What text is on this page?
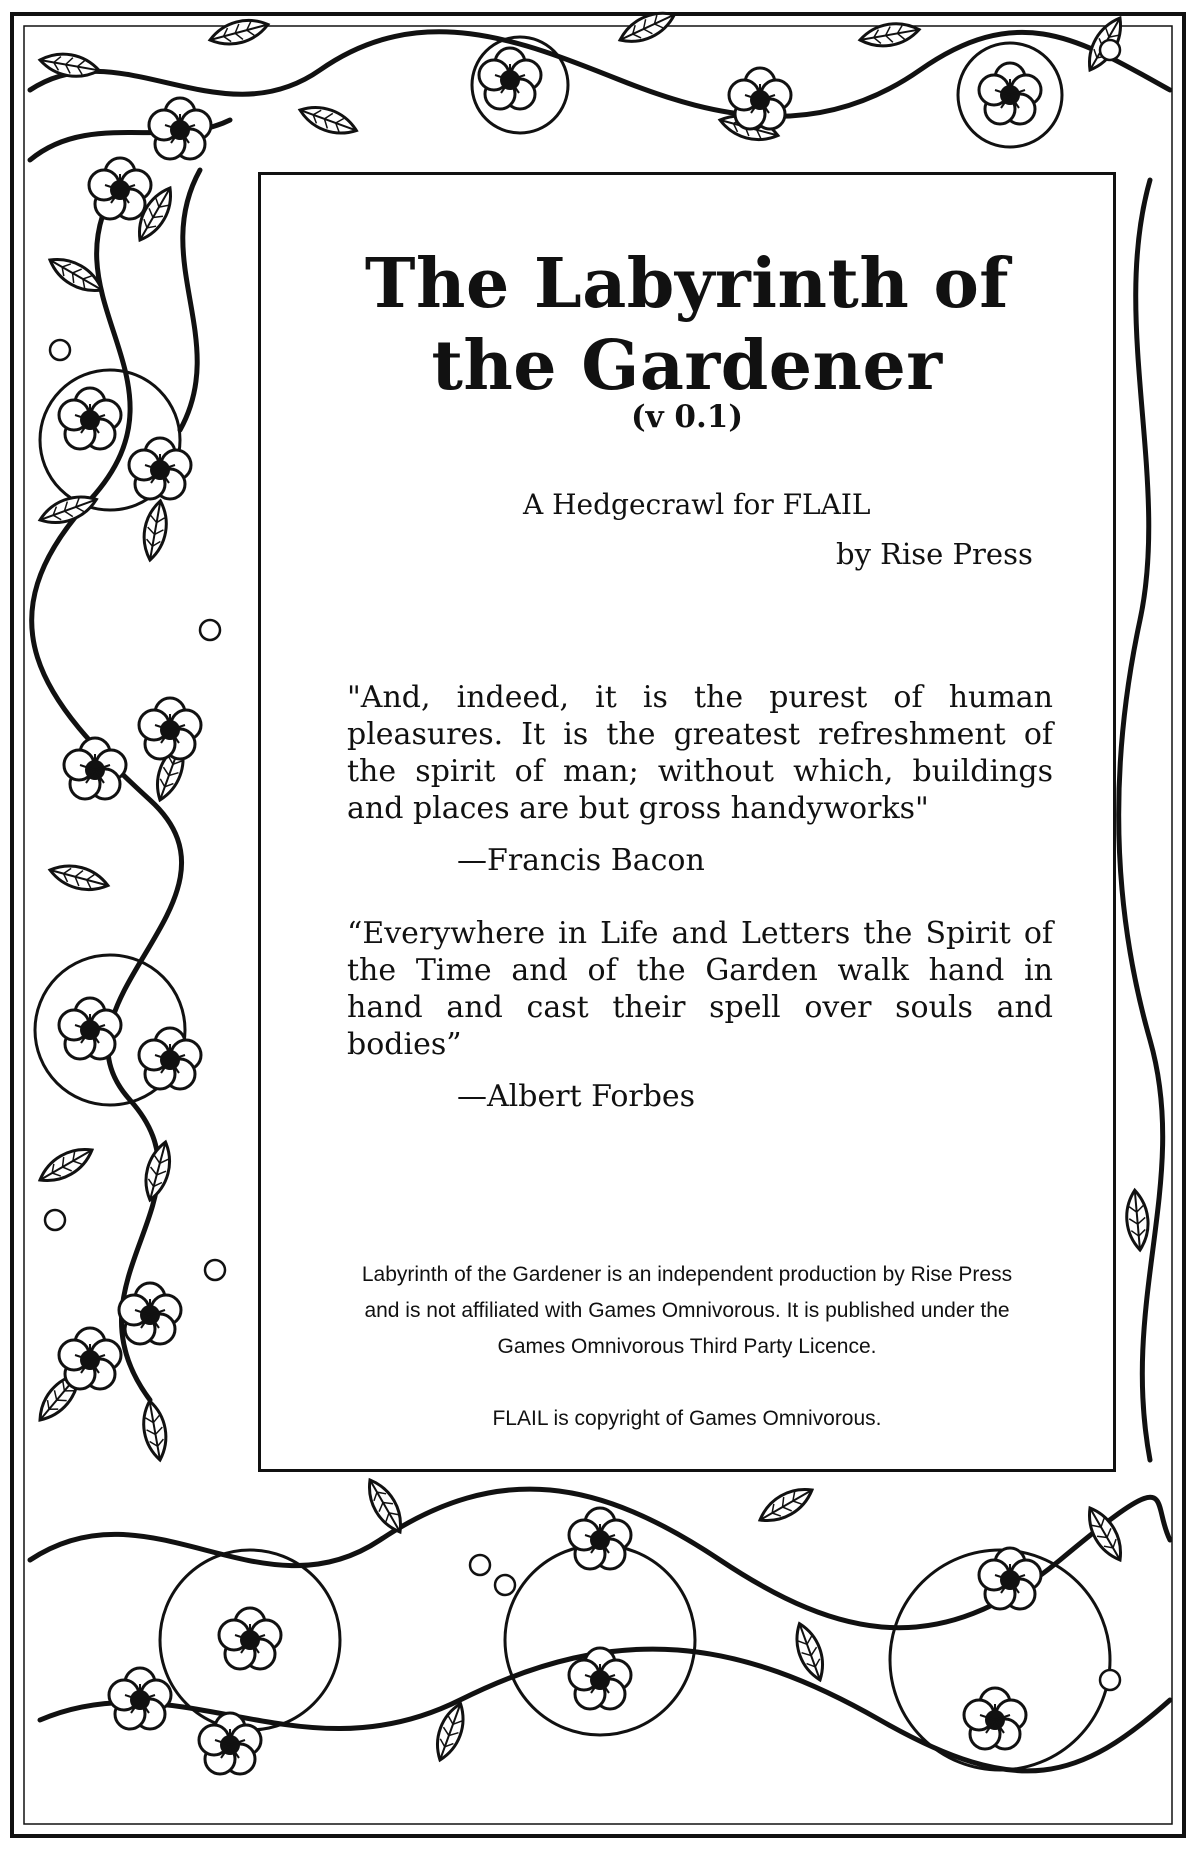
The Labyrinth of
the Gardener
(v 0.1)
A Hedgecrawl for FLAIL
by Rise Press

"And, indeed, it is the purest of human pleasures. It is the greatest refreshment of the spirit of man; without which, buildings and places are but gross handyworks"

—Francis Bacon

“Everywhere in Life and Letters the Spirit of the Time and of the Garden walk hand in hand and cast their spell over souls and bodies”

—Albert Forbes

Labyrinth of the Gardener is an independent production by Rise Press
and is not affiliated with Games Omnivorous. It is published under the
Games Omnivorous Third Party Licence.

FLAIL is copyright of Games Omnivorous.
